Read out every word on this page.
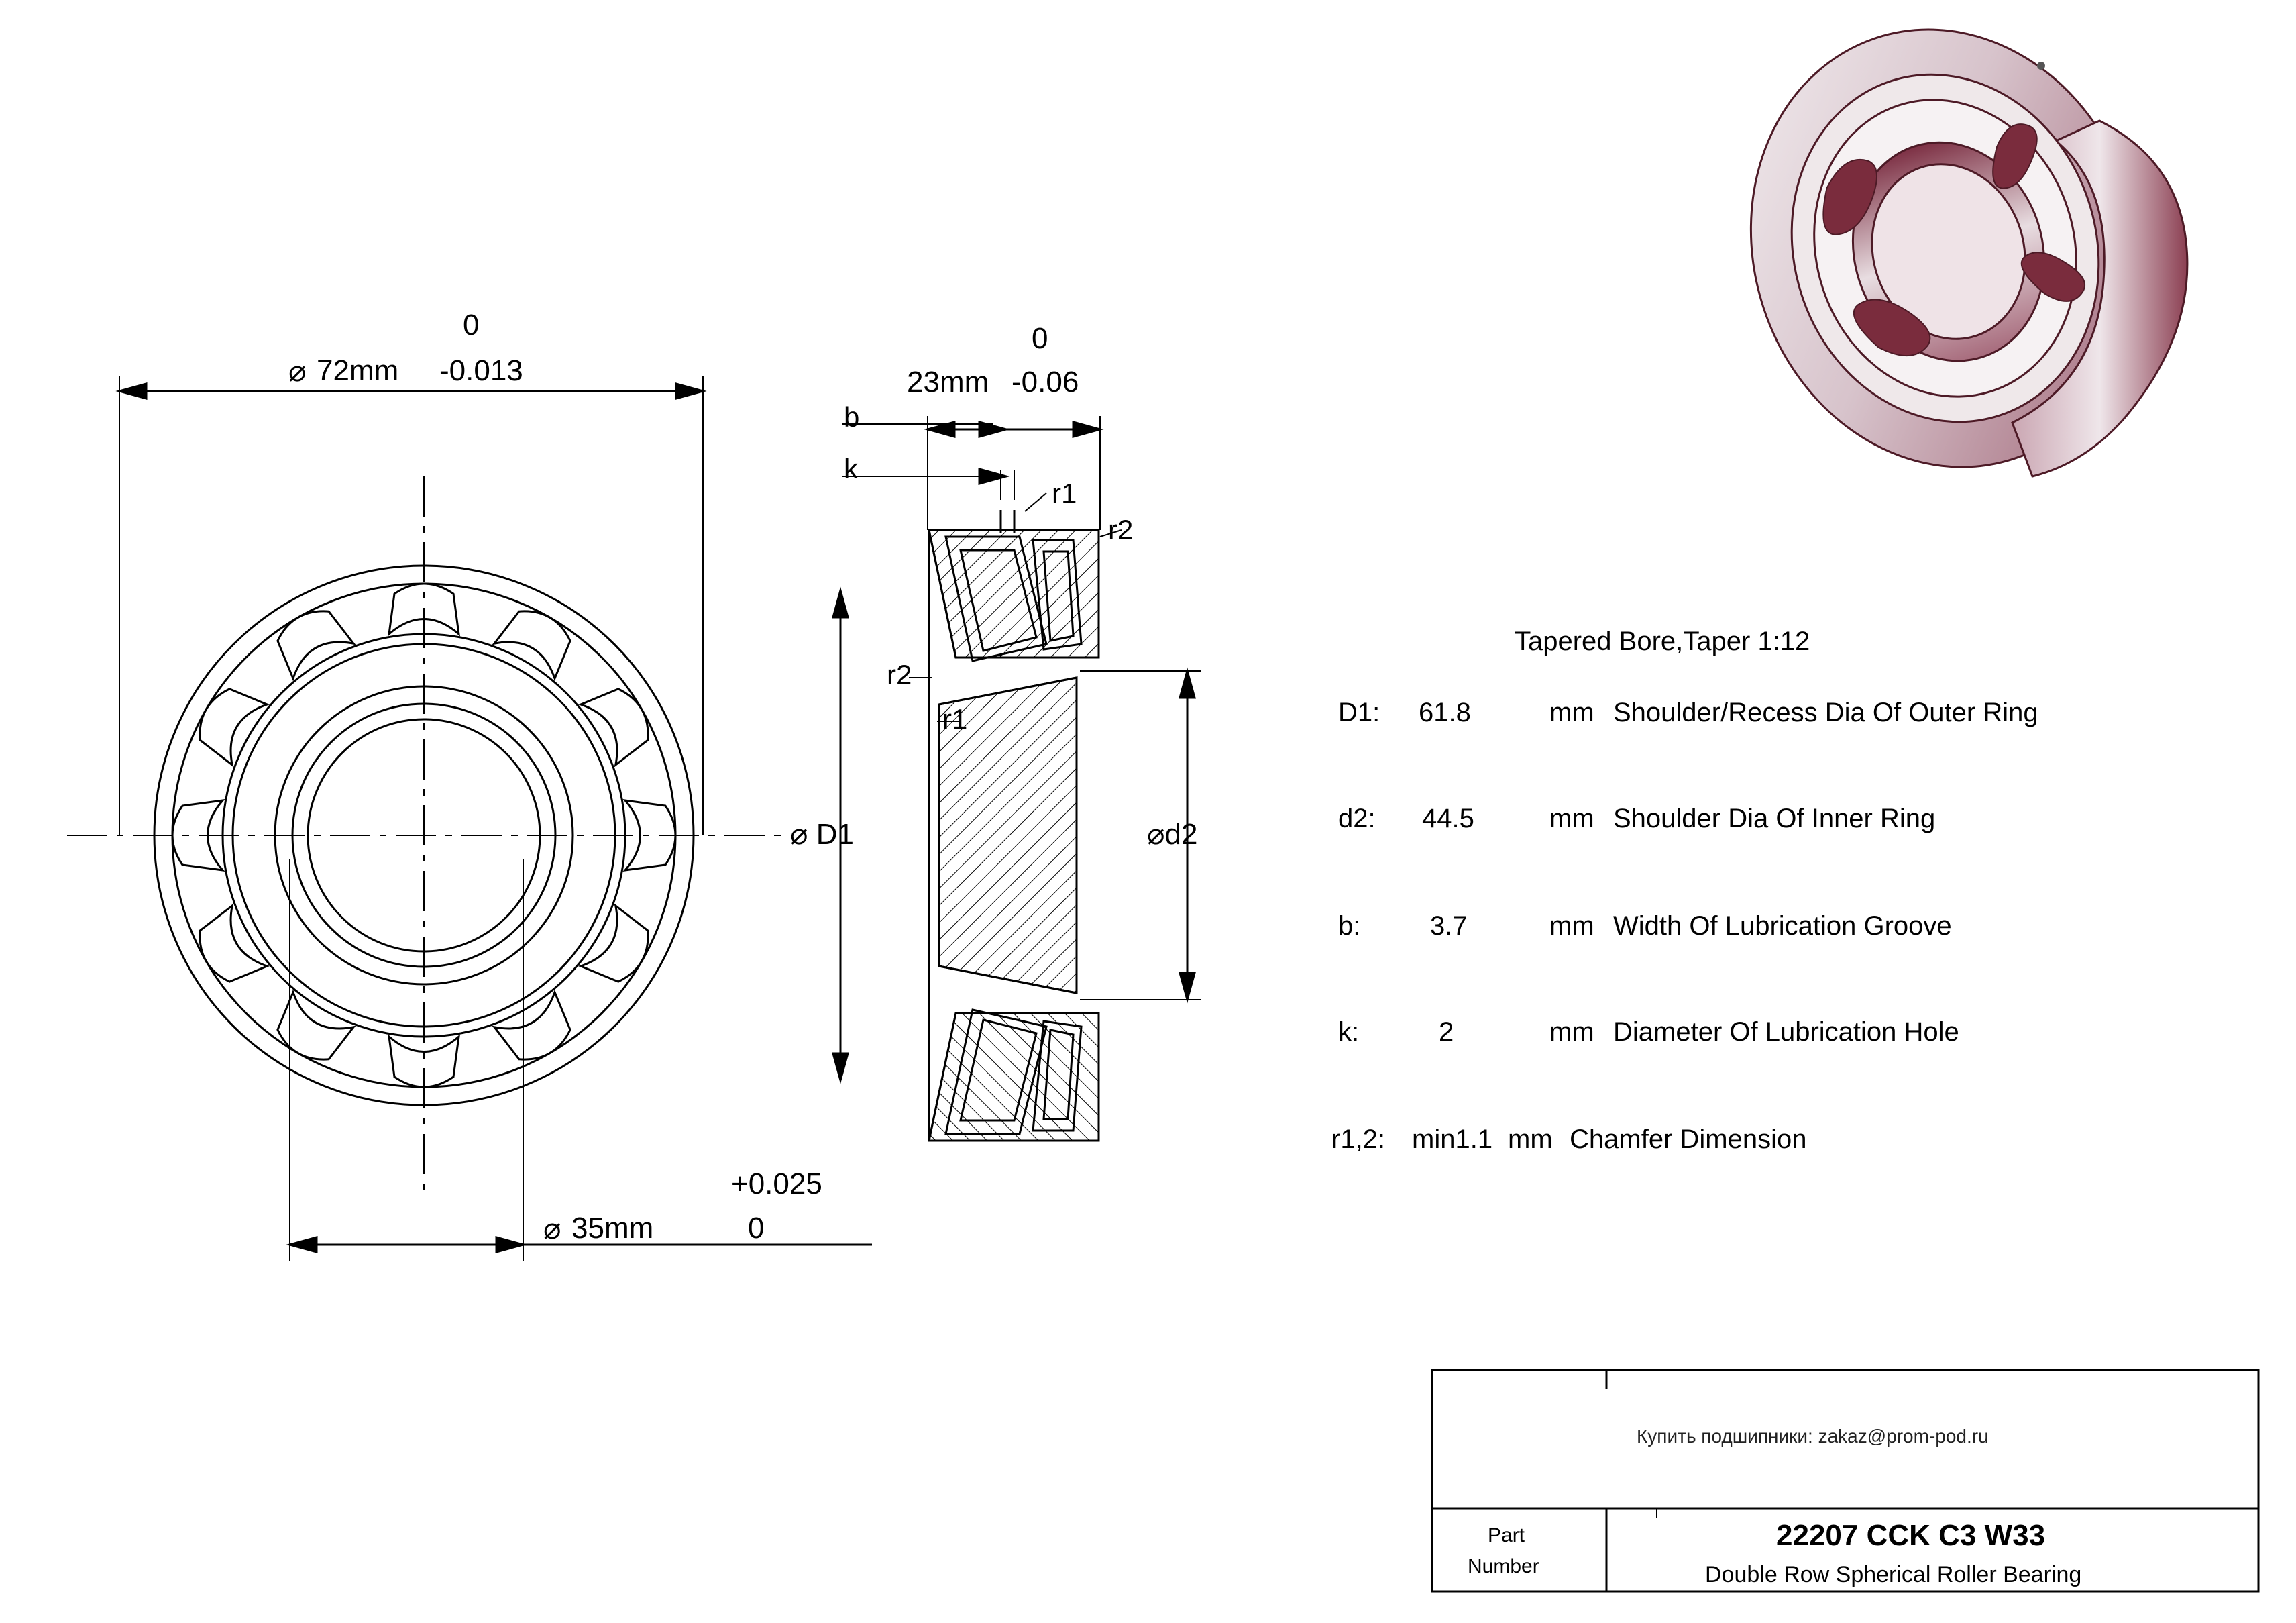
0
⌀ 72mm -0.013
+0.025
⌀ 35mm	0
0
23mm -0.06
b
k
r1
r2
r2
r1
⌀ D1	⌀d2
Tapered Bore,Taper 1:12
D1: 61.8	mm Shoulder/Recess Dia Of Outer Ring
d2: 44.5	mm Shoulder Dia Of Inner Ring
b:	3.7	mm Width Of Lubrication Groove
k:	2	mm Diameter Of Lubrication Hole
r1,2: min1.1 mm Chamfer Dimension
Купить подшипники: zakaz@prom-pod.ru
Part
Number
22207 CCK C3 W33
Double Row Spherical Roller Bearing
